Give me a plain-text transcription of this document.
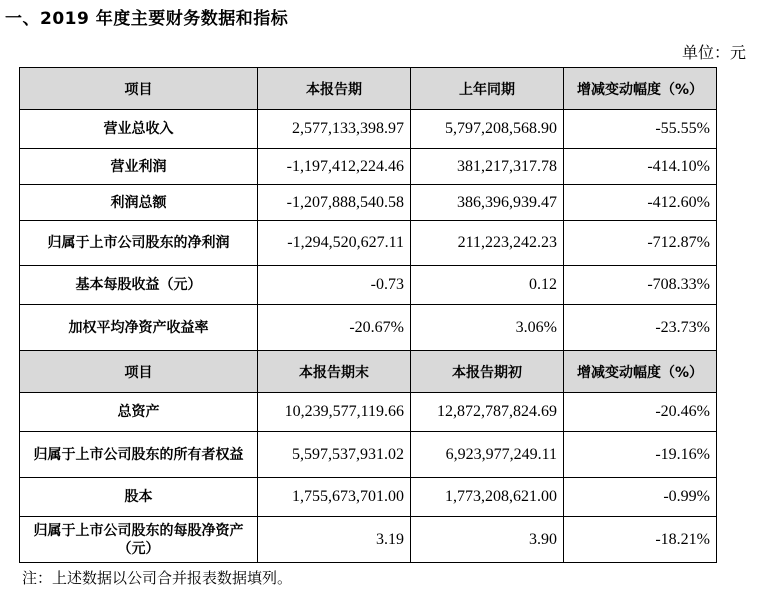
一、2019 年度主要财务数据和指标
单位：元
项目	本报告期	上年同期	增减变动幅度（%）
营业总收入	2,577,133,398.97	5,797,208,568.90	-55.55%
营业利润	-1,197,412,224.46	381,217,317.78	-414.10%
利润总额	-1,207,888,540.58	386,396,939.47	-412.60%
归属于上市公司股东的净利润	-1,294,520,627.11	211,223,242.23	-712.87%
基本每股收益（元）	-0.73	0.12	-708.33%
加权平均净资产收益率	-20.67%	3.06%	-23.73%
项目	本报告期末	本报告期初	增减变动幅度（%）
总资产	10,239,577,119.66	12,872,787,824.69	-20.46%
归属于上市公司股东的所有者权益	5,597,537,931.02	6,923,977,249.11	-19.16%
股本	1,755,673,701.00	1,773,208,621.00	-0.99%
归属于上市公司股东的每股净资产（元）	3.19	3.90	-18.21%
注：上述数据以公司合并报表数据填列。
